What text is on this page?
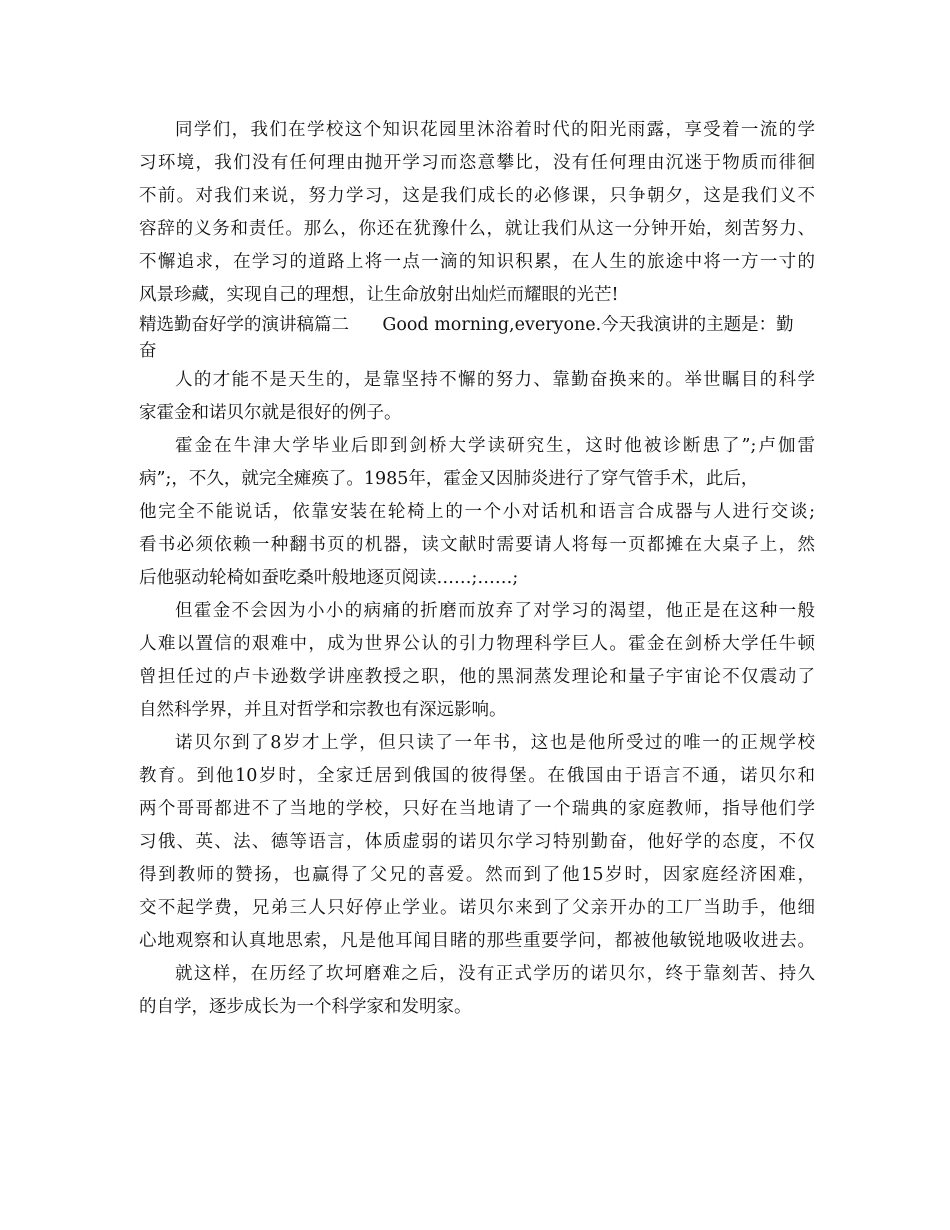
同学们，我们在学校这个知识花园里沐浴着时代的阳光雨露，享受着一流的学
习环境，我们没有任何理由抛开学习而恣意攀比，没有任何理由沉迷于物质而徘徊
不前。对我们来说，努力学习，这是我们成长的必修课，只争朝夕，这是我们义不
容辞的义务和责任。那么，你还在犹豫什么，就让我们从这一分钟开始，刻苦努力、
不懈追求，在学习的道路上将一点一滴的知识积累，在人生的旅途中将一方一寸的
风景珍藏，实现自己的理想，让生命放射出灿烂而耀眼的光芒!
精选勤奋好学的演讲稿篇二      Good morning,everyone.今天我演讲的主题是：勤
奋
人的才能不是天生的，是靠坚持不懈的努力、靠勤奋换来的。举世瞩目的科学
家霍金和诺贝尔就是很好的例子。
霍金在牛津大学毕业后即到剑桥大学读研究生，这时他被诊断患了”;卢伽雷
病”;，不久，就完全瘫痪了。1985年，霍金又因肺炎进行了穿气管手术，此后，
他完全不能说话，依靠安装在轮椅上的一个小对话机和语言合成器与人进行交谈;
看书必须依赖一种翻书页的机器，读文献时需要请人将每一页都摊在大桌子上，然
后他驱动轮椅如蚕吃桑叶般地逐页阅读……;……;
但霍金不会因为小小的病痛的折磨而放弃了对学习的渴望，他正是在这种一般
人难以置信的艰难中，成为世界公认的引力物理科学巨人。霍金在剑桥大学任牛顿
曾担任过的卢卡逊数学讲座教授之职，他的黑洞蒸发理论和量子宇宙论不仅震动了
自然科学界，并且对哲学和宗教也有深远影响。
诺贝尔到了8岁才上学，但只读了一年书，这也是他所受过的唯一的正规学校
教育。到他10岁时，全家迁居到俄国的彼得堡。在俄国由于语言不通，诺贝尔和
两个哥哥都进不了当地的学校，只好在当地请了一个瑞典的家庭教师，指导他们学
习俄、英、法、德等语言，体质虚弱的诺贝尔学习特别勤奋，他好学的态度，不仅
得到教师的赞扬，也赢得了父兄的喜爱。然而到了他15岁时，因家庭经济困难，
交不起学费，兄弟三人只好停止学业。诺贝尔来到了父亲开办的工厂当助手，他细
心地观察和认真地思索，凡是他耳闻目睹的那些重要学问，都被他敏锐地吸收进去。
就这样，在历经了坎坷磨难之后，没有正式学历的诺贝尔，终于靠刻苦、持久
的自学，逐步成长为一个科学家和发明家。
